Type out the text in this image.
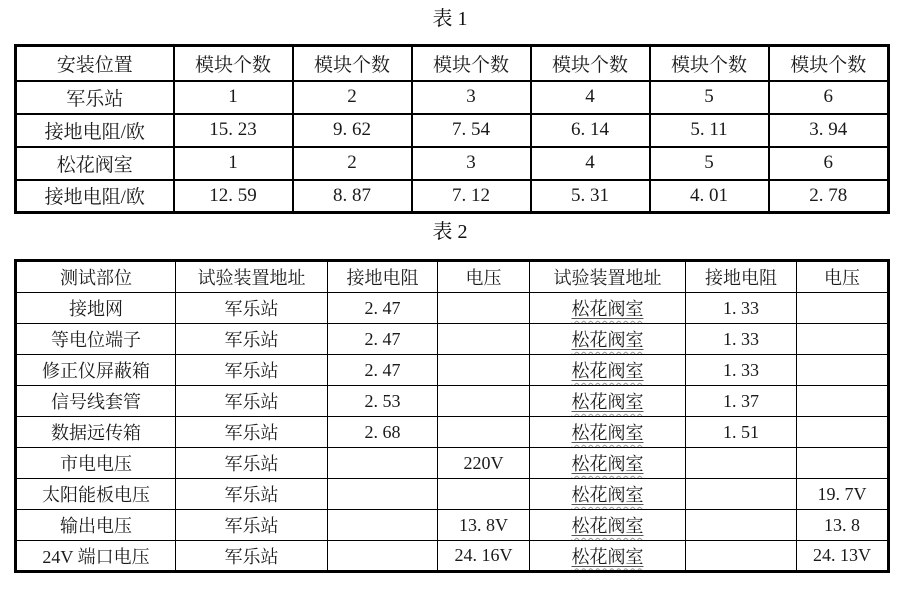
表 1
安装位置	模块个数	模块个数	模块个数	模块个数	模块个数	模块个数
军乐站	1	2	3	4	5	6
接地电阻/欧	15. 23	9. 62	7. 54	6. 14	5. 11	3. 94
松花阀室	1	2	3	4	5	6
接地电阻/欧	12. 59	8. 87	7. 12	5. 31	4. 01	2. 78
表 2
测试部位	试验装置地址	接地电阻	电压	试验装置地址	接地电阻	电压
接地网	军乐站	2. 47		松花阀室	1. 33	
等电位端子	军乐站	2. 47		松花阀室	1. 33	
修正仪屏蔽箱	军乐站	2. 47		松花阀室	1. 33	
信号线套管	军乐站	2. 53		松花阀室	1. 37	
数据远传箱	军乐站	2. 68		松花阀室	1. 51	
市电电压	军乐站		220V	松花阀室		
太阳能板电压	军乐站			松花阀室		19. 7V
输出电压	军乐站		13. 8V	松花阀室		13. 8
24V 端口电压	军乐站		24. 16V	松花阀室		24. 13V
